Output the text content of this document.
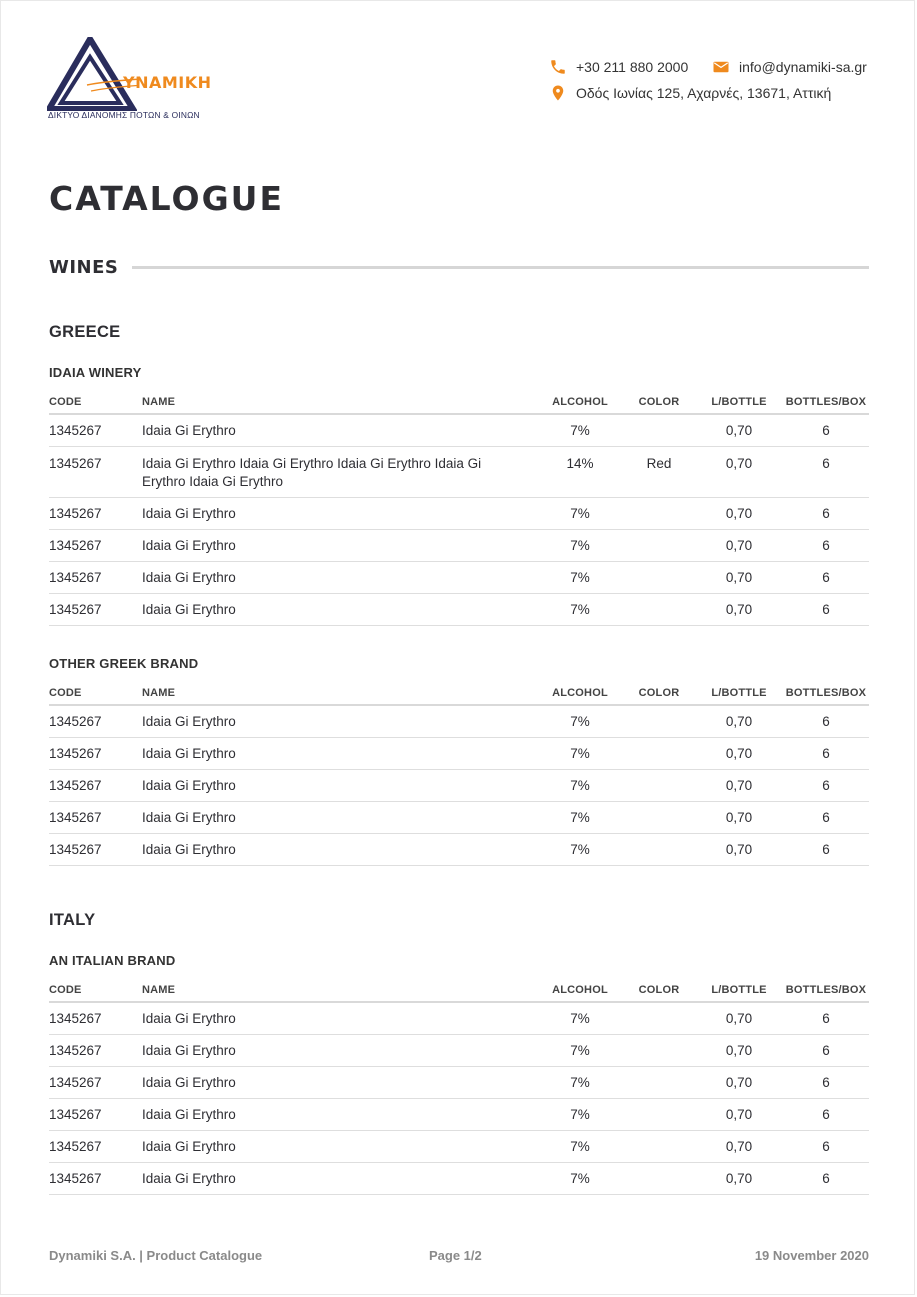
YNAMIKH
ΔΙΚΤΥΟ ΔΙΑΝΟΜΗΣ ΠΟΤΩΝ & ΟΙΝΩΝ
+30 211 880 2000	info@dynamiki-sa.gr
Οδός Ιωνίας 125, Αχαρνές, 13671, Αττική
CATALOGUE
WINES
GREECE
IDAIA WINERY
CODE	NAME	ALCOHOL	COLOR	L/BOTTLE	BOTTLES/BOX
1345267	Idaia Gi Erythro	7%		0,70	6
1345267	Idaia Gi Erythro Idaia Gi Erythro Idaia Gi Erythro Idaia Gi Erythro Idaia Gi Erythro	14%	Red	0,70	6
1345267	Idaia Gi Erythro	7%		0,70	6
1345267	Idaia Gi Erythro	7%		0,70	6
1345267	Idaia Gi Erythro	7%		0,70	6
1345267	Idaia Gi Erythro	7%		0,70	6
OTHER GREEK BRAND
CODE	NAME	ALCOHOL	COLOR	L/BOTTLE	BOTTLES/BOX
1345267	Idaia Gi Erythro	7%		0,70	6
1345267	Idaia Gi Erythro	7%		0,70	6
1345267	Idaia Gi Erythro	7%		0,70	6
1345267	Idaia Gi Erythro	7%		0,70	6
1345267	Idaia Gi Erythro	7%		0,70	6
ITALY
AN ITALIAN BRAND
CODE	NAME	ALCOHOL	COLOR	L/BOTTLE	BOTTLES/BOX
1345267	Idaia Gi Erythro	7%		0,70	6
1345267	Idaia Gi Erythro	7%		0,70	6
1345267	Idaia Gi Erythro	7%		0,70	6
1345267	Idaia Gi Erythro	7%		0,70	6
1345267	Idaia Gi Erythro	7%		0,70	6
1345267	Idaia Gi Erythro	7%		0,70	6
Dynamiki S.A. | Product Catalogue	Page 1/2	19 November 2020
